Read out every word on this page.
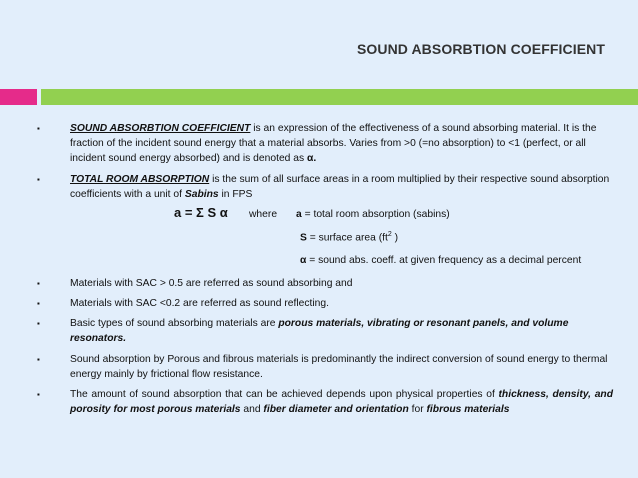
SOUND ABSORBTION COEFFICIENT
▪	SOUND ABSORBTION COEFFICIENT is an expression of the effectiveness of a sound absorbing material. It is the fraction of the incident sound energy that a material absorbs. Varies from >0 (=no absorption) to <1 (perfect, or all incident sound energy absorbed) and is denoted as α.
▪	TOTAL ROOM ABSORPTION is the sum of all surface areas in a room multiplied by their respective sound absorption coefficients with a unit of Sabins in FPS
a = Σ S α where a = total room absorption (sabins)
S = surface area ($ft^2$ )
α = sound abs. coeff. at given frequency as a decimal percent
▪	Materials with SAC > 0.5 are referred as sound absorbing and
▪	Materials with SAC <0.2 are referred as sound reflecting.
▪	Basic types of sound absorbing materials are porous materials, vibrating or resonant panels, and volume resonators.
▪	Sound absorption by Porous and fibrous materials is predominantly the indirect conversion of sound energy to thermal energy mainly by frictional flow resistance.
▪	The amount of sound absorption that can be achieved depends upon physical properties of thickness, density, and porosity for most porous materials and fiber diameter and orientation for fibrous materials
